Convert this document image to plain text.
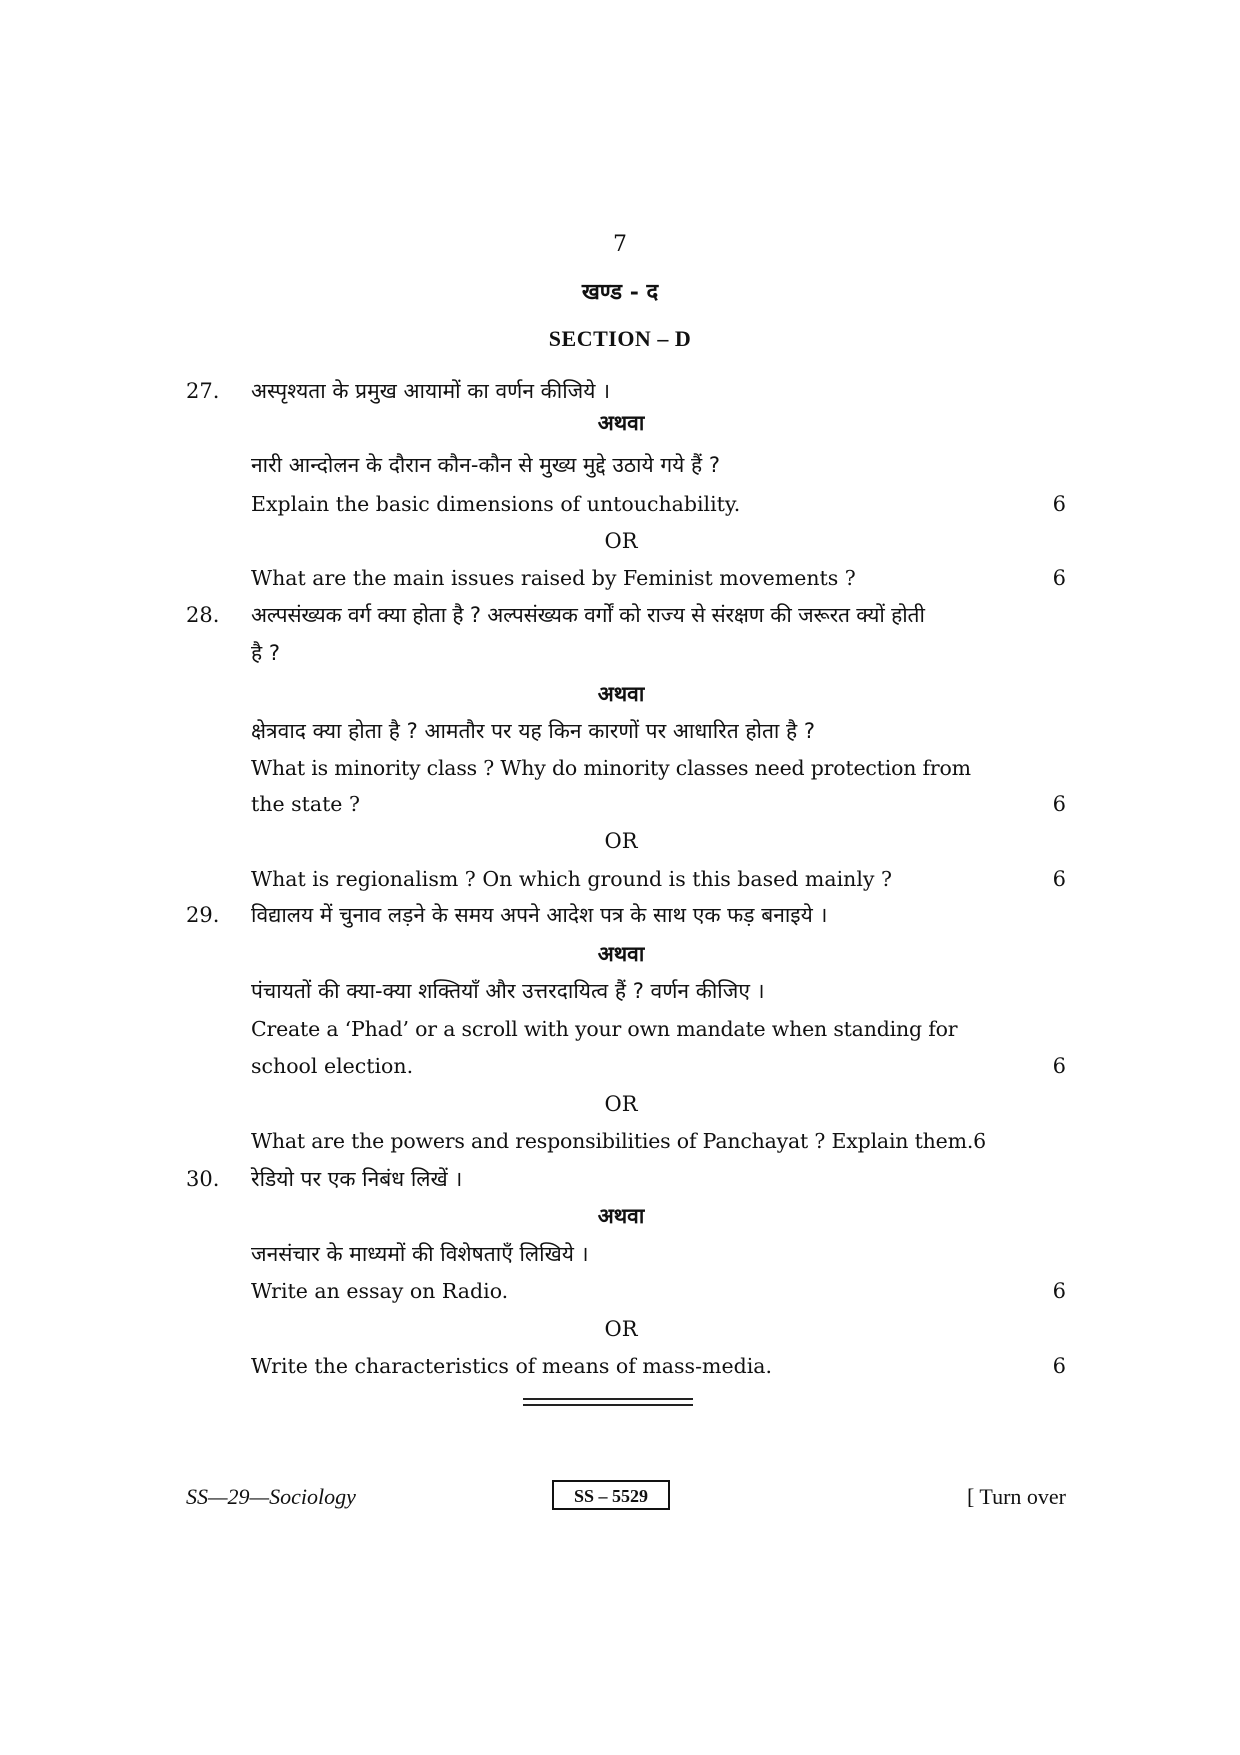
7
खण्ड - द
SECTION – D
27.	अस्पृश्यता के प्रमुख आयामों का वर्णन कीजिये ।
अथवा
नारी आन्दोलन के दौरान कौन-कौन से मुख्य मुद्दे उठाये गये हैं ?
Explain the basic dimensions of untouchability.	6
OR
What are the main issues raised by Feminist movements ?	6
28.	अल्पसंख्यक वर्ग क्या होता है ? अल्पसंख्यक वर्गों को राज्य से संरक्षण की जरूरत क्यों होती
है ?
अथवा
क्षेत्रवाद क्या होता है ? आमतौर पर यह किन कारणों पर आधारित होता है ?
What is minority class ? Why do minority classes need protection from
the state ?	6
OR
What is regionalism ? On which ground is this based mainly ?	6
29.	विद्यालय में चुनाव लड़ने के समय अपने आदेश पत्र के साथ एक फड़ बनाइये ।
अथवा
पंचायतों की क्या-क्या शक्तियाँ और उत्तरदायित्व हैं ? वर्णन कीजिए ।
Create a ‘Phad’ or a scroll with your own mandate when standing for
school election.	6
OR
What are the powers and responsibilities of Panchayat ? Explain them.6
30.	रेडियो पर एक निबंध लिखें ।
अथवा
जनसंचार के माध्यमों की विशेषताएँ लिखिये ।
Write an essay on Radio.	6
OR
Write the characteristics of means of mass-media.	6
SS—29—Sociology	SS – 5529	[ Turn over
